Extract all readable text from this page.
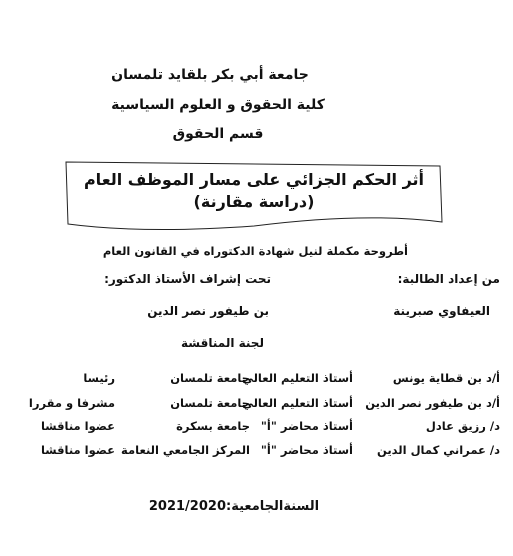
جامعة أبي بكر بلقايد تلمسان
كلية الحقوق و العلوم السياسية
قسم الحقوق
أثر الحكم الجزائي على مسار الموظف العام
(دراسة مقارنة)
أطروحة مكملة لنيل شهادة الدكتوراه في القانون العام
من إعداد الطالبة:
تحت إشراف الأستاذ الدكتور:
العيفاوي صبرينة
بن طيفور نصر الدين
لجنة المناقشة
أ/د بن قطاية يونس
أستاذ التعليم العالي
جامعة تلمسان
رئيسا
أ/د بن طيفور نصر الدين
أستاذ التعليم العالي
جامعة تلمسان
مشرفا و مقررا
د/ رزيق عادل
أستاذ محاضر "أ"
جامعة بسكرة
عضوا مناقشا
د/ عمراني كمال الدين
أستاذ محاضر "أ"
المركز الجامعي النعامة
عضوا مناقشا
السنةالجامعية:2021/2020
